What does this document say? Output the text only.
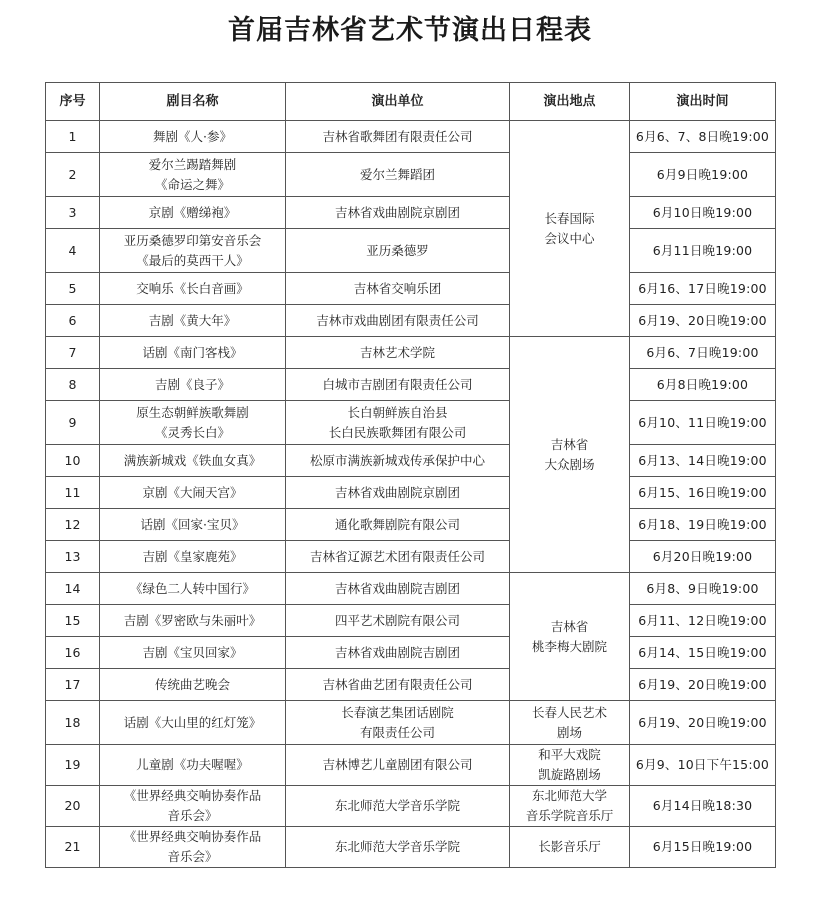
首届吉林省艺术节演出日程表
序号	剧目名称	演出单位	演出地点	演出时间
1	舞剧《人·参》	吉林省歌舞团有限责任公司	长春国际
会议中心	6月6、7、8日晚19:00
2	爱尔兰踢踏舞剧
《命运之舞》	爱尔兰舞蹈团		6月9日晚19:00
3	京剧《赠绨袍》	吉林省戏曲剧院京剧团		6月10日晚19:00
4	亚历桑德罗印第安音乐会
《最后的莫西干人》	亚历桑德罗		6月11日晚19:00
5	交响乐《长白音画》	吉林省交响乐团		6月16、17日晚19:00
6	吉剧《黄大年》	吉林市戏曲剧团有限责任公司		6月19、20日晚19:00
7	话剧《南门客栈》	吉林艺术学院	吉林省
大众剧场	6月6、7日晚19:00
8	吉剧《良子》	白城市吉剧团有限责任公司		6月8日晚19:00
9	原生态朝鲜族歌舞剧
《灵秀长白》	长白朝鲜族自治县
长白民族歌舞团有限公司		6月10、11日晚19:00
10	满族新城戏《铁血女真》	松原市满族新城戏传承保护中心		6月13、14日晚19:00
11	京剧《大闹天宫》	吉林省戏曲剧院京剧团		6月15、16日晚19:00
12	话剧《回家·宝贝》	通化歌舞剧院有限公司		6月18、19日晚19:00
13	吉剧《皇家鹿苑》	吉林省辽源艺术团有限责任公司		6月20日晚19:00
14	《绿色二人转中国行》	吉林省戏曲剧院吉剧团	吉林省
桃李梅大剧院	6月8、9日晚19:00
15	吉剧《罗密欧与朱丽叶》	四平艺术剧院有限公司		6月11、12日晚19:00
16	吉剧《宝贝回家》	吉林省戏曲剧院吉剧团		6月14、15日晚19:00
17	传统曲艺晚会	吉林省曲艺团有限责任公司		6月19、20日晚19:00
18	话剧《大山里的红灯笼》	长春演艺集团话剧院
有限责任公司	长春人民艺术
剧场	6月19、20日晚19:00
19	儿童剧《功夫喔喔》	吉林博艺儿童剧团有限公司	和平大戏院
凯旋路剧场	6月9、10日下午15:00
20	《世界经典交响协奏作品
音乐会》	东北师范大学音乐学院	东北师范大学
音乐学院音乐厅	6月14日晚18:30
21	《世界经典交响协奏作品
音乐会》	东北师范大学音乐学院	长影音乐厅	6月15日晚19:00
